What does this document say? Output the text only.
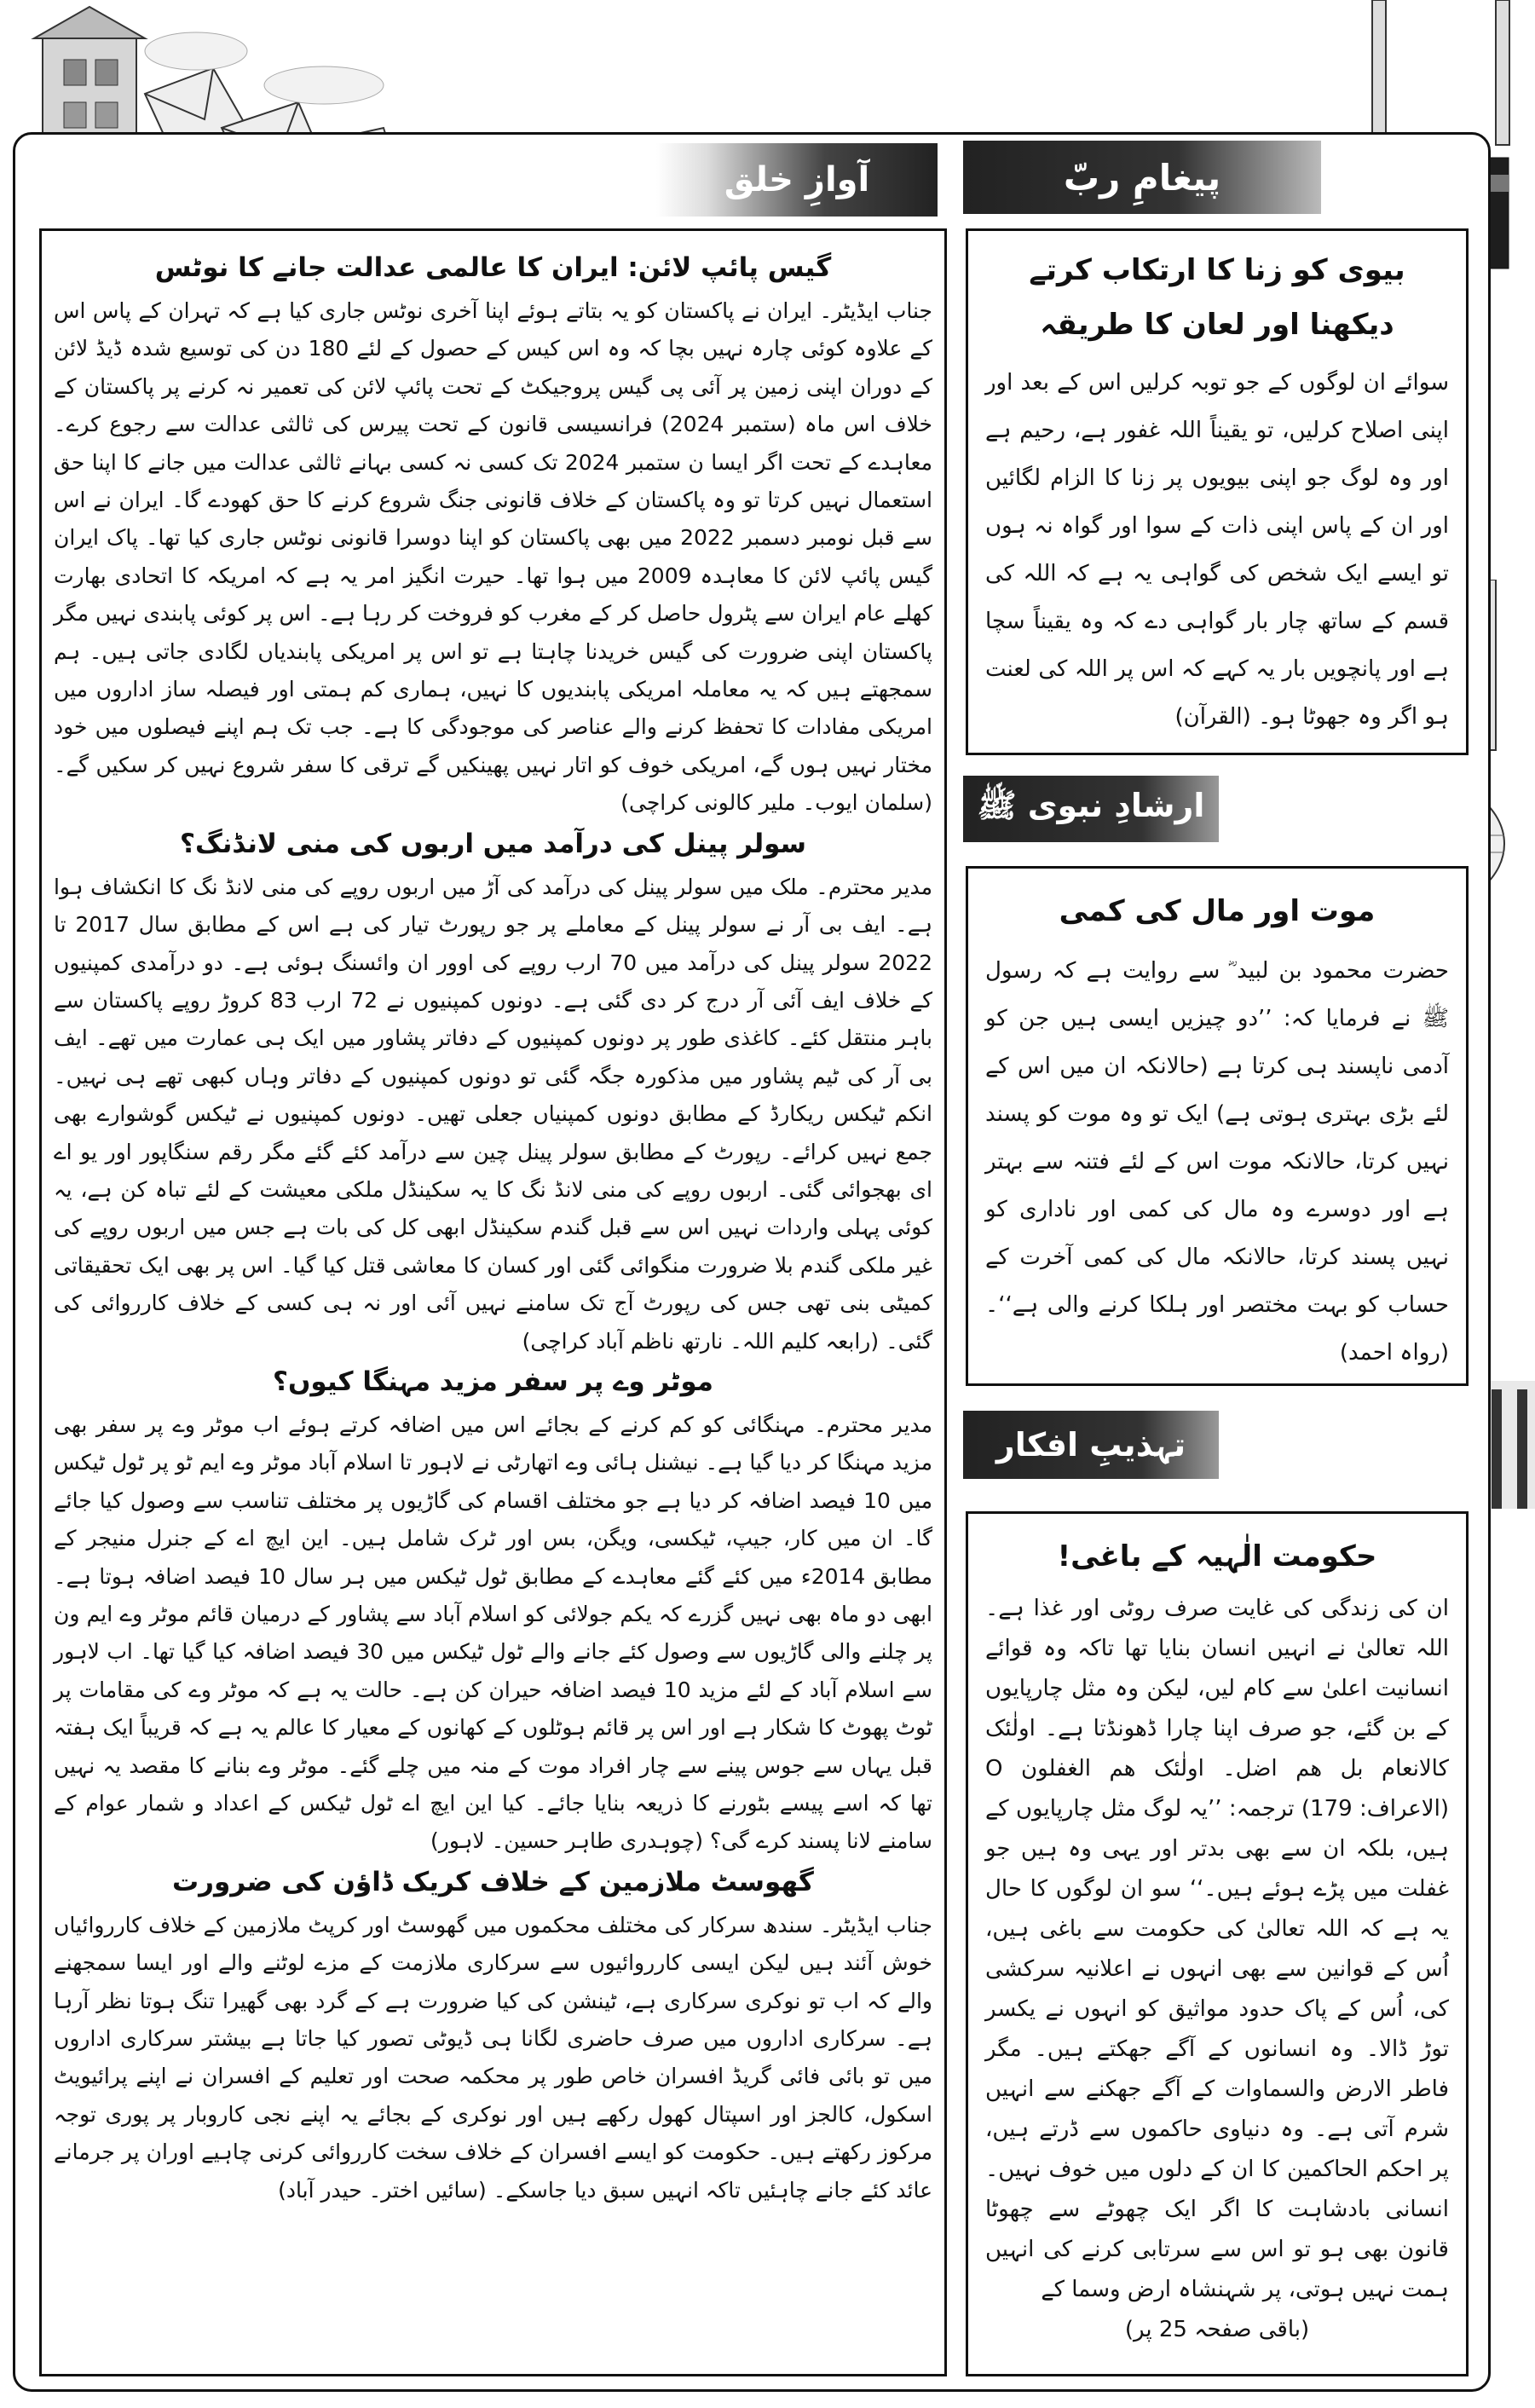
آوازِ خلق	پیغامِ ربّ
گیس پائپ لائن: ایران کا عالمی عدالت جانے کا نوٹس

جناب ایڈیٹر۔ ایران نے پاکستان کو یہ بتاتے ہوئے اپنا آخری نوٹس جاری کیا ہے کہ تہران کے پاس اس کے علاوہ کوئی چارہ نہیں بچا کہ وہ اس کیس کے حصول کے لئے 180 دن کی توسیع شدہ ڈیڈ لائن کے دوران اپنی زمین پر آئی پی گیس پروجیکٹ کے تحت پائپ لائن کی تعمیر نہ کرنے پر پاکستان کے خلاف اس ماہ (ستمبر 2024) فرانسیسی قانون کے تحت پیرس کی ثالثی عدالت سے رجوع کرے۔ معاہدے کے تحت اگر ایسا ن ستمبر 2024 تک کسی نہ کسی بہانے ثالثی عدالت میں جانے کا اپنا حق استعمال نہیں کرتا تو وہ پاکستان کے خلاف قانونی جنگ شروع کرنے کا حق کھودے گا۔ ایران نے اس سے قبل نومبر دسمبر 2022 میں بھی پاکستان کو اپنا دوسرا قانونی نوٹس جاری کیا تھا۔ پاک ایران گیس پائپ لائن کا معاہدہ 2009 میں ہوا تھا۔ حیرت انگیز امر یہ ہے کہ امریکہ کا اتحادی بھارت کھلے عام ایران سے پٹرول حاصل کر کے مغرب کو فروخت کر رہا ہے۔ اس پر کوئی پابندی نہیں مگر پاکستان اپنی ضرورت کی گیس خریدنا چاہتا ہے تو اس پر امریکی پابندیاں لگادی جاتی ہیں۔ ہم سمجھتے ہیں کہ یہ معاملہ امریکی پابندیوں کا نہیں، ہماری کم ہمتی اور فیصلہ ساز اداروں میں امریکی مفادات کا تحفظ کرنے والے عناصر کی موجودگی کا ہے۔ جب تک ہم اپنے فیصلوں میں خود مختار نہیں ہوں گے، امریکی خوف کو اتار نہیں پھینکیں گے ترقی کا سفر شروع نہیں کر سکیں گے۔ (سلمان ایوب۔ ملیر کالونی کراچی)

سولر پینل کی درآمد میں اربوں کی منی لانڈنگ؟

مدیر محترم۔ ملک میں سولر پینل کی درآمد کی آڑ میں اربوں روپے کی منی لانڈ نگ کا انکشاف ہوا ہے۔ ایف بی آر نے سولر پینل کے معاملے پر جو رپورٹ تیار کی ہے اس کے مطابق سال 2017 تا 2022 سولر پینل کی درآمد میں 70 ارب روپے کی اوور ان وائسنگ ہوئی ہے۔ دو درآمدی کمپنیوں کے خلاف ایف آئی آر درج کر دی گئی ہے۔ دونوں کمپنیوں نے 72 ارب 83 کروڑ روپے پاکستان سے باہر منتقل کئے۔ کاغذی طور پر دونوں کمپنیوں کے دفاتر پشاور میں ایک ہی عمارت میں تھے۔ ایف بی آر کی ٹیم پشاور میں مذکورہ جگہ گئی تو دونوں کمپنیوں کے دفاتر وہاں کبھی تھے ہی نہیں۔ انکم ٹیکس ریکارڈ کے مطابق دونوں کمپنیاں جعلی تھیں۔ دونوں کمپنیوں نے ٹیکس گوشوارے بھی جمع نہیں کرائے۔ رپورٹ کے مطابق سولر پینل چین سے درآمد کئے گئے مگر رقم سنگاپور اور یو اے ای بھجوائی گئی۔ اربوں روپے کی منی لانڈ نگ کا یہ سکینڈل ملکی معیشت کے لئے تباہ کن ہے، یہ کوئی پہلی واردات نہیں اس سے قبل گندم سکینڈل ابھی کل کی بات ہے جس میں اربوں روپے کی غیر ملکی گندم بلا ضرورت منگوائی گئی اور کسان کا معاشی قتل کیا گیا۔ اس پر بھی ایک تحقیقاتی کمیٹی بنی تھی جس کی رپورٹ آج تک سامنے نہیں آئی اور نہ ہی کسی کے خلاف کارروائی کی گئی۔ (رابعہ کلیم اللہ۔ نارتھ ناظم آباد کراچی)

موٹر وے پر سفر مزید مہنگا کیوں؟

مدیر محترم۔ مہنگائی کو کم کرنے کے بجائے اس میں اضافہ کرتے ہوئے اب موٹر وے پر سفر بھی مزید مہنگا کر دیا گیا ہے۔ نیشنل ہائی وے اتھارٹی نے لاہور تا اسلام آباد موٹر وے ایم ٹو پر ٹول ٹیکس میں 10 فیصد اضافہ کر دیا ہے جو مختلف اقسام کی گاڑیوں پر مختلف تناسب سے وصول کیا جائے گا۔ ان میں کار، جیپ، ٹیکسی، ویگن، بس اور ٹرک شامل ہیں۔ این ایچ اے کے جنرل منیجر کے مطابق 2014ء میں کئے گئے معاہدے کے مطابق ٹول ٹیکس میں ہر سال 10 فیصد اضافہ ہوتا ہے۔ ابھی دو ماہ بھی نہیں گزرے کہ یکم جولائی کو اسلام آباد سے پشاور کے درمیان قائم موٹر وے ایم ون پر چلنے والی گاڑیوں سے وصول کئے جانے والے ٹول ٹیکس میں 30 فیصد اضافہ کیا گیا تھا۔ اب لاہور سے اسلام آباد کے لئے مزید 10 فیصد اضافہ حیران کن ہے۔ حالت یہ ہے کہ موٹر وے کی مقامات پر ٹوٹ پھوٹ کا شکار ہے اور اس پر قائم ہوٹلوں کے کھانوں کے معیار کا عالم یہ ہے کہ قریباً ایک ہفتہ قبل یہاں سے جوس پینے سے چار افراد موت کے منہ میں چلے گئے۔ موٹر وے بنانے کا مقصد یہ نہیں تھا کہ اسے پیسے بٹورنے کا ذریعہ بنایا جائے۔ کیا این ایچ اے ٹول ٹیکس کے اعداد و شمار عوام کے سامنے لانا پسند کرے گی؟ (چوہدری طاہر حسین۔ لاہور)

گھوسٹ ملازمین کے خلاف کریک ڈاؤن کی ضرورت

جناب ایڈیٹر۔ سندھ سرکار کی مختلف محکموں میں گھوسٹ اور کرپٹ ملازمین کے خلاف کارروائیاں خوش آئند ہیں لیکن ایسی کارروائیوں سے سرکاری ملازمت کے مزے لوٹنے والے اور ایسا سمجھنے والے کہ اب تو نوکری سرکاری ہے، ٹینشن کی کیا ضرورت ہے کے گرد بھی گھیرا تنگ ہوتا نظر آرہا ہے۔ سرکاری اداروں میں صرف حاضری لگانا ہی ڈیوٹی تصور کیا جاتا ہے بیشتر سرکاری اداروں میں تو بائی فائی گریڈ افسران خاص طور پر محکمہ صحت اور تعلیم کے افسران نے اپنے پرائیویٹ اسکول، کالجز اور اسپتال کھول رکھے ہیں اور نوکری کے بجائے یہ اپنے نجی کاروبار پر پوری توجہ مرکوز رکھتے ہیں۔ حکومت کو ایسے افسران کے خلاف سخت کارروائی کرنی چاہیے اوران پر جرمانے عائد کئے جانے چاہئیں تاکہ انہیں سبق دیا جاسکے۔ (سائیں اختر۔ حیدر آباد)

بیوی کو زنا کا ارتکاب کرتے دیکھنا اور لعان کا طریقہ
سوائے ان لوگوں کے جو توبہ کرلیں اس کے بعد اور اپنی اصلاح کرلیں، تو یقیناً اللہ غفور ہے، رحیم ہے اور وہ لوگ جو اپنی بیویوں پر زنا کا الزام لگائیں اور ان کے پاس اپنی ذات کے سوا اور گواہ نہ ہوں تو ایسے ایک شخص کی گواہی یہ ہے کہ اللہ کی قسم کے ساتھ چار بار گواہی دے کہ وہ یقیناً سچا ہے اور پانچویں بار یہ کہے کہ اس پر اللہ کی لعنت ہو اگر وہ جھوٹا ہو۔ (القرآن)
ارشادِ نبوی ﷺ
موت اور مال کی کمی
حضرت محمود بن لبید ؓ سے روایت ہے کہ رسول ﷺ نے فرمایا کہ: ’’دو چیزیں ایسی ہیں جن کو آدمی ناپسند ہی کرتا ہے (حالانکہ ان میں اس کے لئے بڑی بہتری ہوتی ہے) ایک تو وہ موت کو پسند نہیں کرتا، حالانکہ موت اس کے لئے فتنہ سے بہتر ہے اور دوسرے وہ مال کی کمی اور ناداری کو نہیں پسند کرتا، حالانکہ مال کی کمی آخرت کے حساب کو بہت مختصر اور ہلکا کرنے والی ہے‘‘۔ (رواہ احمد)
تہذیبِ افکار
حکومت الٰہیہ کے باغی!
ان کی زندگی کی غایت صرف روٹی اور غذا ہے۔ اللہ تعالیٰ نے انہیں انسان بنایا تھا تاکہ وہ قوائے انسانیت اعلیٰ سے کام لیں، لیکن وہ مثل چارپایوں کے بن گئے، جو صرف اپنا چارا ڈھونڈتا ہے۔ اولٰئک کالانعام بل ھم اضل۔ اولٰئک ھم الغفلون O (الاعراف: 179) ترجمہ: ’’یہ لوگ مثل چارپایوں کے ہیں، بلکہ ان سے بھی بدتر اور یہی وہ ہیں جو غفلت میں پڑے ہوئے ہیں۔‘‘ سو ان لوگوں کا حال یہ ہے کہ اللہ تعالیٰ کی حکومت سے باغی ہیں، اُس کے قوانین سے بھی انہوں نے اعلانیہ سرکشی کی، اُس کے پاک حدود مواثیق کو انہوں نے یکسر توڑ ڈالا۔ وہ انسانوں کے آگے جھکتے ہیں۔ مگر فاطر الارض والسماوات کے آگے جھکنے سے انہیں شرم آتی ہے۔ وہ دنیاوی حاکموں سے ڈرتے ہیں، پر احکم الحاکمین کا ان کے دلوں میں خوف نہیں۔ انسانی بادشاہت کا اگر ایک چھوٹے سے چھوٹا قانون بھی ہو تو اس سے سرتابی کرنے کی انہیں ہمت نہیں ہوتی، پر شہنشاہ ارض وسما کے
(باقی صفحہ 25 پر)
